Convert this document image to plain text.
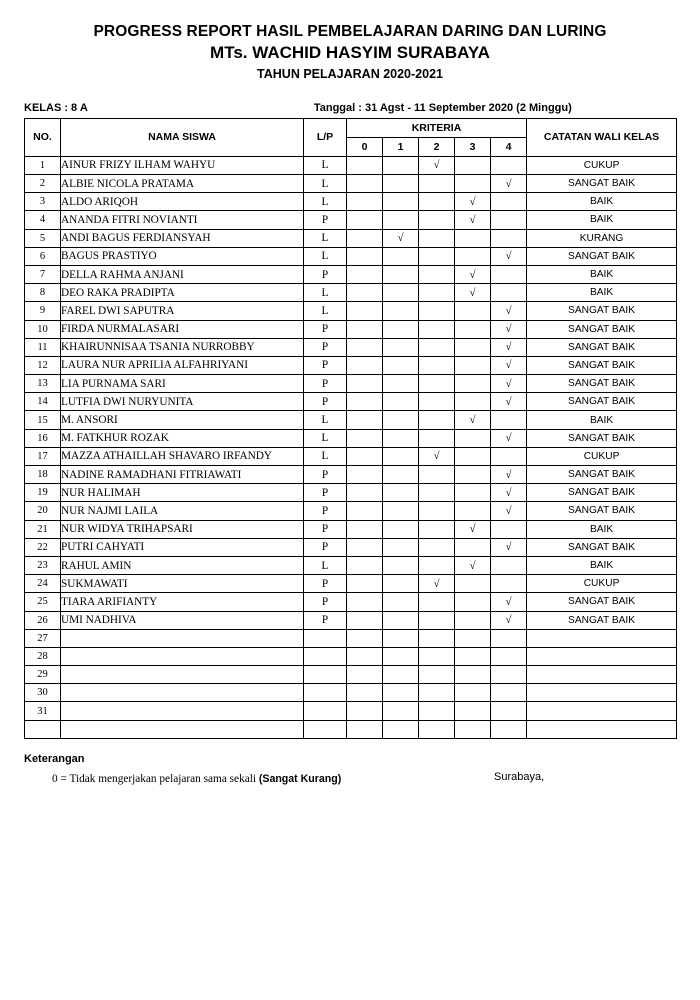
PROGRESS REPORT HASIL PEMBELAJARAN DARING DAN LURING
MTs. WACHID HASYIM SURABAYA
TAHUN PELAJARAN 2020-2021
KELAS : 8 A	Tanggal : 31 Agst - 11 September 2020 (2 Minggu)
NO.	NAMA SISWA	L/P	KRITERIA					CATATAN WALI KELAS
			0	1	2	3	4	
1	AINUR FRIZY ILHAM WAHYU	L			√			CUKUP
2	ALBIE NICOLA PRATAMA	L					√	SANGAT BAIK
3	ALDO ARIQOH	L				√		BAIK
4	ANANDA FITRI NOVIANTI	P				√		BAIK
5	ANDI BAGUS FERDIANSYAH	L		√				KURANG
6	BAGUS PRASTIYO	L					√	SANGAT BAIK
7	DELLA RAHMA ANJANI	P				√		BAIK
8	DEO RAKA PRADIPTA	L				√		BAIK
9	FAREL DWI SAPUTRA	L					√	SANGAT BAIK
10	FIRDA NURMALASARI	P					√	SANGAT BAIK
11	KHAIRUNNISAA TSANIA NURROBBY	P					√	SANGAT BAIK
12	LAURA NUR APRILIA ALFAHRIYANI	P					√	SANGAT BAIK
13	LIA PURNAMA SARI	P					√	SANGAT BAIK
14	LUTFIA DWI NURYUNITA	P					√	SANGAT BAIK
15	M. ANSORI	L				√		BAIK
16	M. FATKHUR ROZAK	L					√	SANGAT BAIK
17	MAZZA ATHAILLAH SHAVARO IRFANDY	L			√			CUKUP
18	NADINE RAMADHANI FITRIAWATI	P					√	SANGAT BAIK
19	NUR HALIMAH	P					√	SANGAT BAIK
20	NUR NAJMI LAILA	P					√	SANGAT BAIK
21	NUR WIDYA TRIHAPSARI	P				√		BAIK
22	PUTRI CAHYATI	P					√	SANGAT BAIK
23	RAHUL AMIN	L				√		BAIK
24	SUKMAWATI	P			√			CUKUP
25	TIARA ARIFIANTY	P					√	SANGAT BAIK
26	UMI NADHIVA	P					√	SANGAT BAIK
27								
28								
29								
30								
31								

Keterangan
0 = Tidak mengerjakan pelajaran sama sekali (Sangat Kurang)	Surabaya,
